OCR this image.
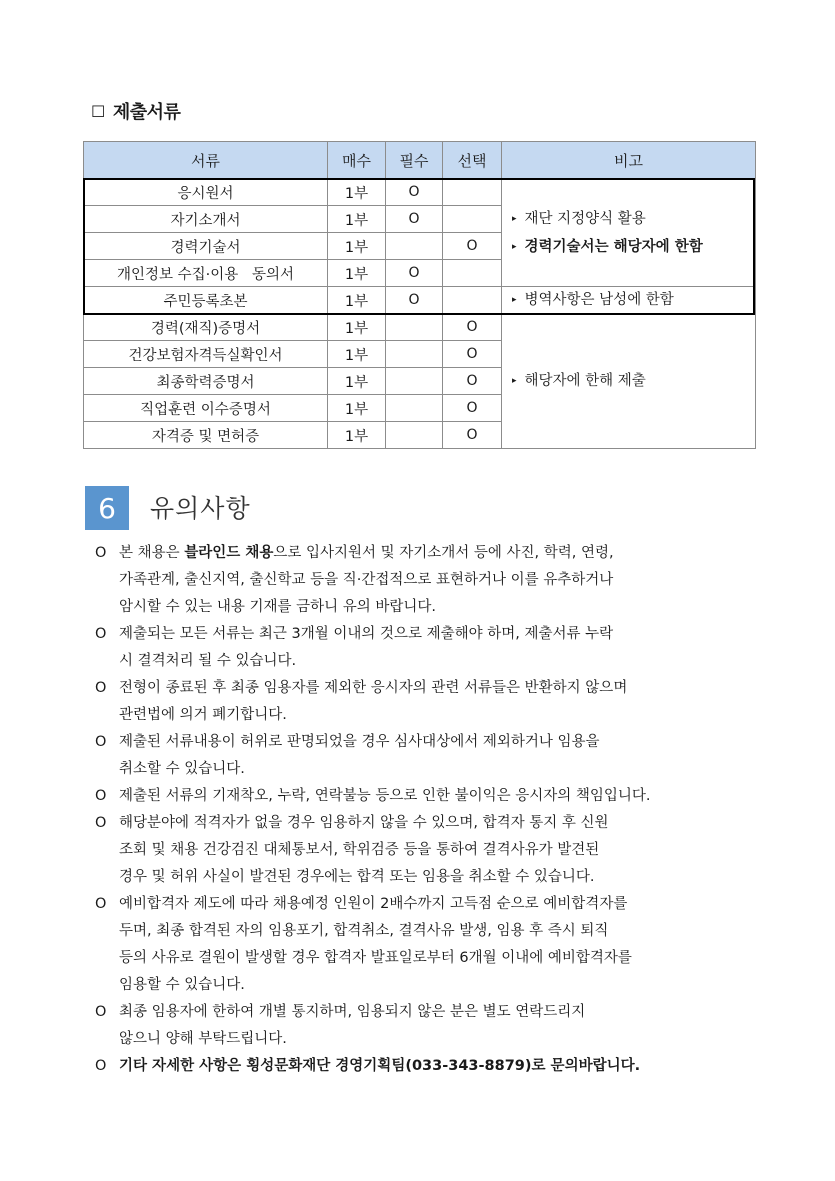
☐ 제출서류
서류	매수	필수	선택	비고
응시원서	1부	O		▸ 재단 지정양식 활용
▸ 경력기술서는 해당자에 한함

자기소개서	1부	O		
경력기술서	1부		O	
개인정보 수집·이용   동의서	1부	O		
주민등록초본	1부	O		▸ 병역사항은 남성에 한함

경력(재직)증명서	1부		O	▸ 해당자에 한해 제출

건강보험자격득실확인서	1부		O	
최종학력증명서	1부		O	
직업훈련 이수증명서	1부		O	
자격증 및 면허증	1부		O	
6	유의사항
O 본 채용은 블라인드 채용으로 입사지원서 및 자기소개서 등에 사진, 학력, 연령,
가족관계, 출신지역, 출신학교 등을 직·간접적으로 표현하거나 이를 유추하거나
암시할 수 있는 내용 기재를 금하니 유의 바랍니다.
O 제출되는 모든 서류는 최근 3개월 이내의 것으로 제출해야 하며, 제출서류 누락
시 결격처리 될 수 있습니다.
O 전형이 종료된 후 최종 임용자를 제외한 응시자의 관련 서류들은 반환하지 않으며
관련법에 의거 폐기합니다.
O 제출된 서류내용이 허위로 판명되었을 경우 심사대상에서 제외하거나 임용을
취소할 수 있습니다.
O 제출된 서류의 기재착오, 누락, 연락불능 등으로 인한 불이익은 응시자의 책임입니다.
O 해당분야에 적격자가 없을 경우 임용하지 않을 수 있으며, 합격자 통지 후 신원
조회 및 채용 건강검진 대체통보서, 학위검증 등을 통하여 결격사유가 발견된
경우 및 허위 사실이 발견된 경우에는 합격 또는 임용을 취소할 수 있습니다.
O 예비합격자 제도에 따라 채용예정 인원이 2배수까지 고득점 순으로 예비합격자를
두며, 최종 합격된 자의 임용포기, 합격취소, 결격사유 발생, 임용 후 즉시 퇴직
등의 사유로 결원이 발생할 경우 합격자 발표일로부터 6개월 이내에 예비합격자를
임용할 수 있습니다.
O 최종 임용자에 한하여 개별 통지하며, 임용되지 않은 분은 별도 연락드리지
않으니 양해 부탁드립니다.
O 기타 자세한 사항은 횡성문화재단 경영기획팀(033-343-8879)로 문의바랍니다.
